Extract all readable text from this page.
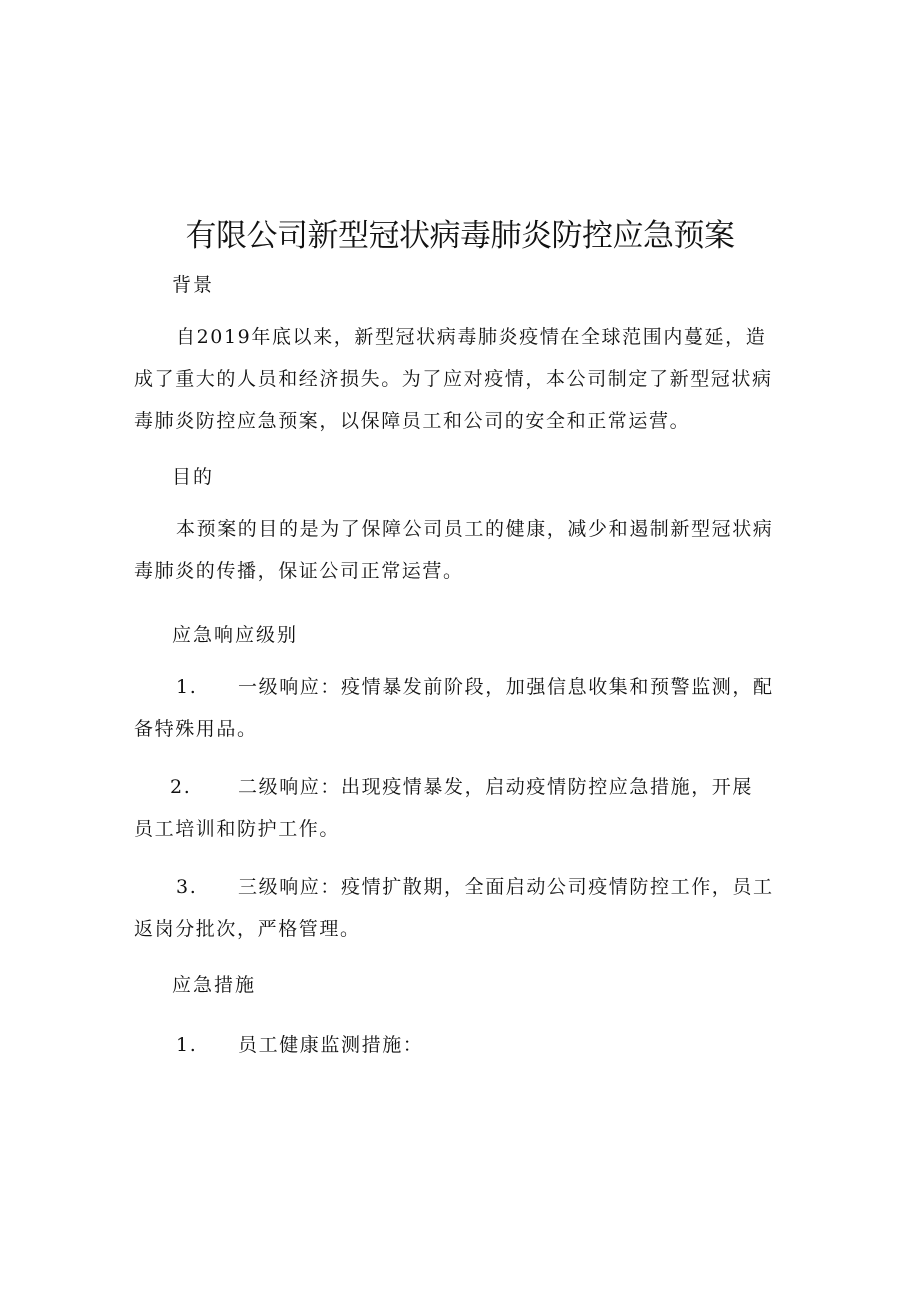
有限公司新型冠状病毒肺炎防控应急预案
背景

自2019年底以来，新型冠状病毒肺炎疫情在全球范围内蔓延，造成了重大的人员和经济损失。为了应对疫情，本公司制定了新型冠状病毒肺炎防控应急预案，以保障员工和公司的安全和正常运营。

目的

本预案的目的是为了保障公司员工的健康，减少和遏制新型冠状病毒肺炎的传播，保证公司正常运营。

应急响应级别

1. 一级响应：疫情暴发前阶段，加强信息收集和预警监测，配备特殊用品。

2. 二级响应：出现疫情暴发，启动疫情防控应急措施，开展员工培训和防护工作。

3. 三级响应：疫情扩散期，全面启动公司疫情防控工作，员工返岗分批次，严格管理。

应急措施

1. 员工健康监测措施：
